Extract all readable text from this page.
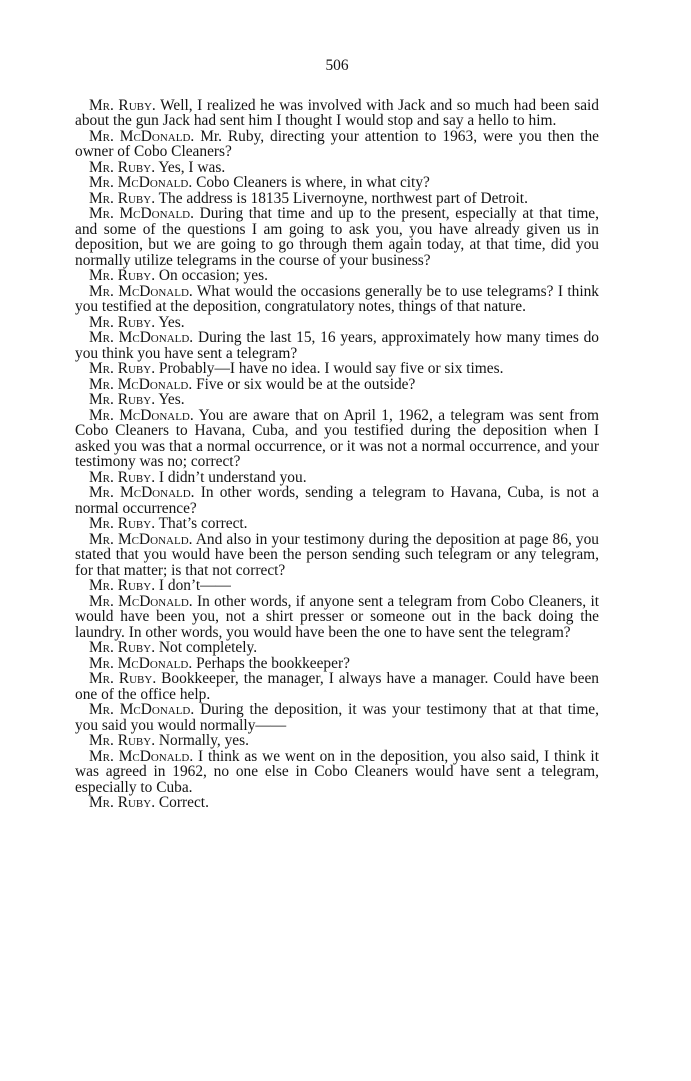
506

Mr. Ruby. Well, I realized he was involved with Jack and so much had been said about the gun Jack had sent him I thought I would stop and say a hello to him.

Mr. McDonald. Mr. Ruby, directing your attention to 1963, were you then the owner of Cobo Cleaners?

Mr. Ruby. Yes, I was.

Mr. McDonald. Cobo Cleaners is where, in what city?

Mr. Ruby. The address is 18135 Livernoyne, northwest part of Detroit.

Mr. McDonald. During that time and up to the present, especially at that time, and some of the questions I am going to ask you, you have already given us in deposition, but we are going to go through them again today, at that time, did you normally utilize telegrams in the course of your business?

Mr. Ruby. On occasion; yes.

Mr. McDonald. What would the occasions generally be to use telegrams? I think you testified at the deposition, congratulatory notes, things of that nature.

Mr. Ruby. Yes.

Mr. McDonald. During the last 15, 16 years, approximately how many times do you think you have sent a telegram?

Mr. Ruby. Probably—I have no idea. I would say five or six times.

Mr. McDonald. Five or six would be at the outside?

Mr. Ruby. Yes.

Mr. McDonald. You are aware that on April 1, 1962, a telegram was sent from Cobo Cleaners to Havana, Cuba, and you testified during the deposition when I asked you was that a normal occurrence, or it was not a normal occurrence, and your testimony was no; correct?

Mr. Ruby. I didn’t understand you.

Mr. McDonald. In other words, sending a telegram to Havana, Cuba, is not a normal occurrence?

Mr. Ruby. That’s correct.

Mr. McDonald. And also in your testimony during the deposition at page 86, you stated that you would have been the person sending such telegram or any telegram, for that matter; is that not correct?

Mr. Ruby. I don’t——

Mr. McDonald. In other words, if anyone sent a telegram from Cobo Cleaners, it would have been you, not a shirt presser or someone out in the back doing the laundry. In other words, you would have been the one to have sent the telegram?

Mr. Ruby. Not completely.

Mr. McDonald. Perhaps the bookkeeper?

Mr. Ruby. Bookkeeper, the manager, I always have a manager. Could have been one of the office help.

Mr. McDonald. During the deposition, it was your testimony that at that time, you said you would normally——

Mr. Ruby. Normally, yes.

Mr. McDonald. I think as we went on in the deposition, you also said, I think it was agreed in 1962, no one else in Cobo Cleaners would have sent a telegram, especially to Cuba.

Mr. Ruby. Correct.
